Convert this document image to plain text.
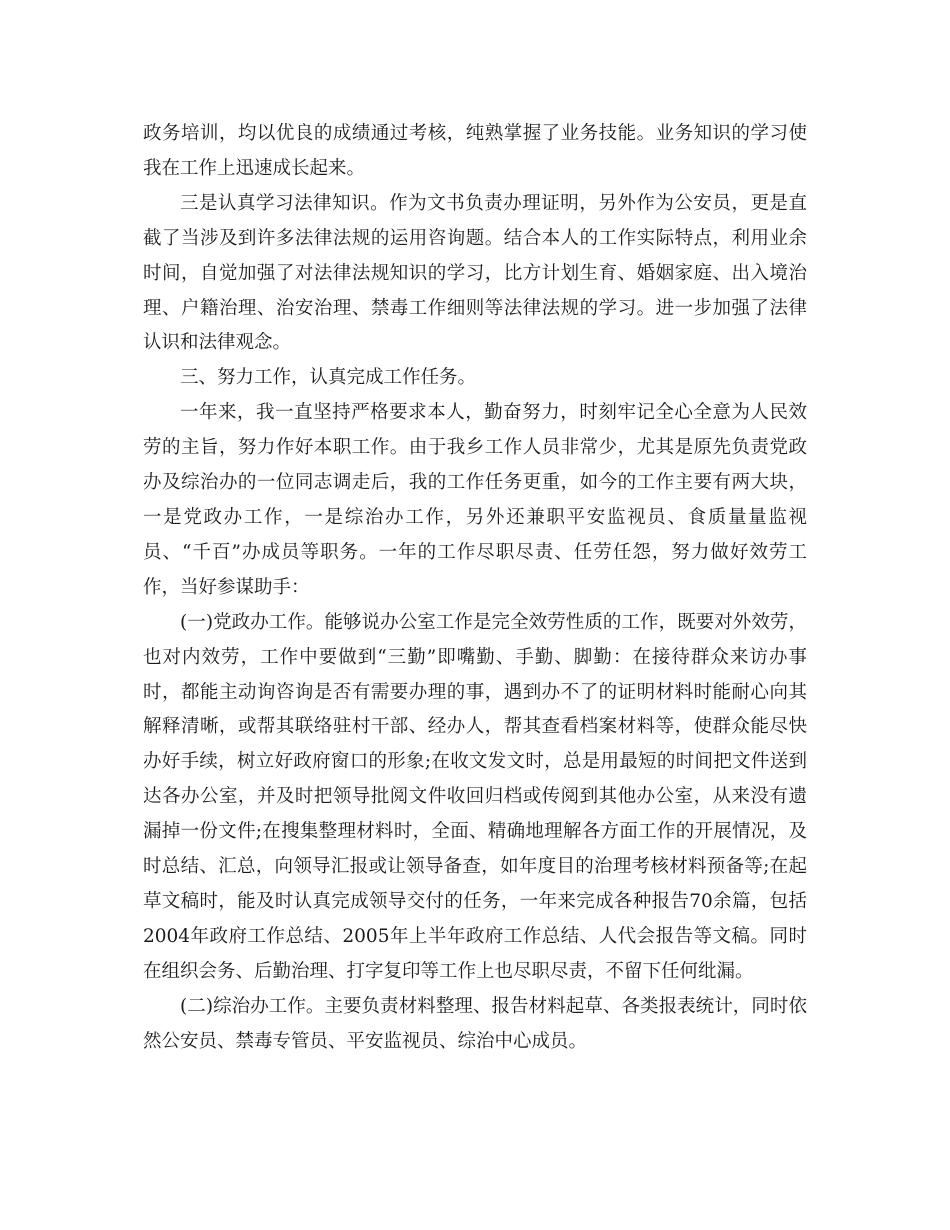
政务培训，均以优良的成绩通过考核，纯熟掌握了业务技能。业务知识的学习使我在工作上迅速成长起来。

三是认真学习法律知识。作为文书负责办理证明，另外作为公安员，更是直截了当涉及到许多法律法规的运用咨询题。结合本人的工作实际特点，利用业余时间，自觉加强了对法律法规知识的学习，比方计划生育、婚姻家庭、出入境治理、户籍治理、治安治理、禁毒工作细则等法律法规的学习。进一步加强了法律认识和法律观念。

三、努力工作，认真完成工作任务。

一年来，我一直坚持严格要求本人，勤奋努力，时刻牢记全心全意为人民效劳的主旨，努力作好本职工作。由于我乡工作人员非常少，尤其是原先负责党政办及综治办的一位同志调走后，我的工作任务更重，如今的工作主要有两大块，一是党政办工作，一是综治办工作，另外还兼职平安监视员、食质量量监视员、“千百”办成员等职务。一年的工作尽职尽责、任劳任怨，努力做好效劳工作，当好参谋助手：

(一)党政办工作。能够说办公室工作是完全效劳性质的工作，既要对外效劳，也对内效劳，工作中要做到“三勤”即嘴勤、手勤、脚勤：在接待群众来访办事时，都能主动询咨询是否有需要办理的事，遇到办不了的证明材料时能耐心向其解释清晰，或帮其联络驻村干部、经办人，帮其查看档案材料等，使群众能尽快办好手续，树立好政府窗口的形象;在收文发文时，总是用最短的时间把文件送到达各办公室，并及时把领导批阅文件收回归档或传阅到其他办公室，从来没有遗漏掉一份文件;在搜集整理材料时，全面、精确地理解各方面工作的开展情况，及时总结、汇总，向领导汇报或让领导备查，如年度目的治理考核材料预备等;在起草文稿时，能及时认真完成领导交付的任务，一年来完成各种报告70余篇，包括2004年政府工作总结、2005年上半年政府工作总结、人代会报告等文稿。同时在组织会务、后勤治理、打字复印等工作上也尽职尽责，不留下任何纰漏。

(二)综治办工作。主要负责材料整理、报告材料起草、各类报表统计，同时依然公安员、禁毒专管员、平安监视员、综治中心成员。
